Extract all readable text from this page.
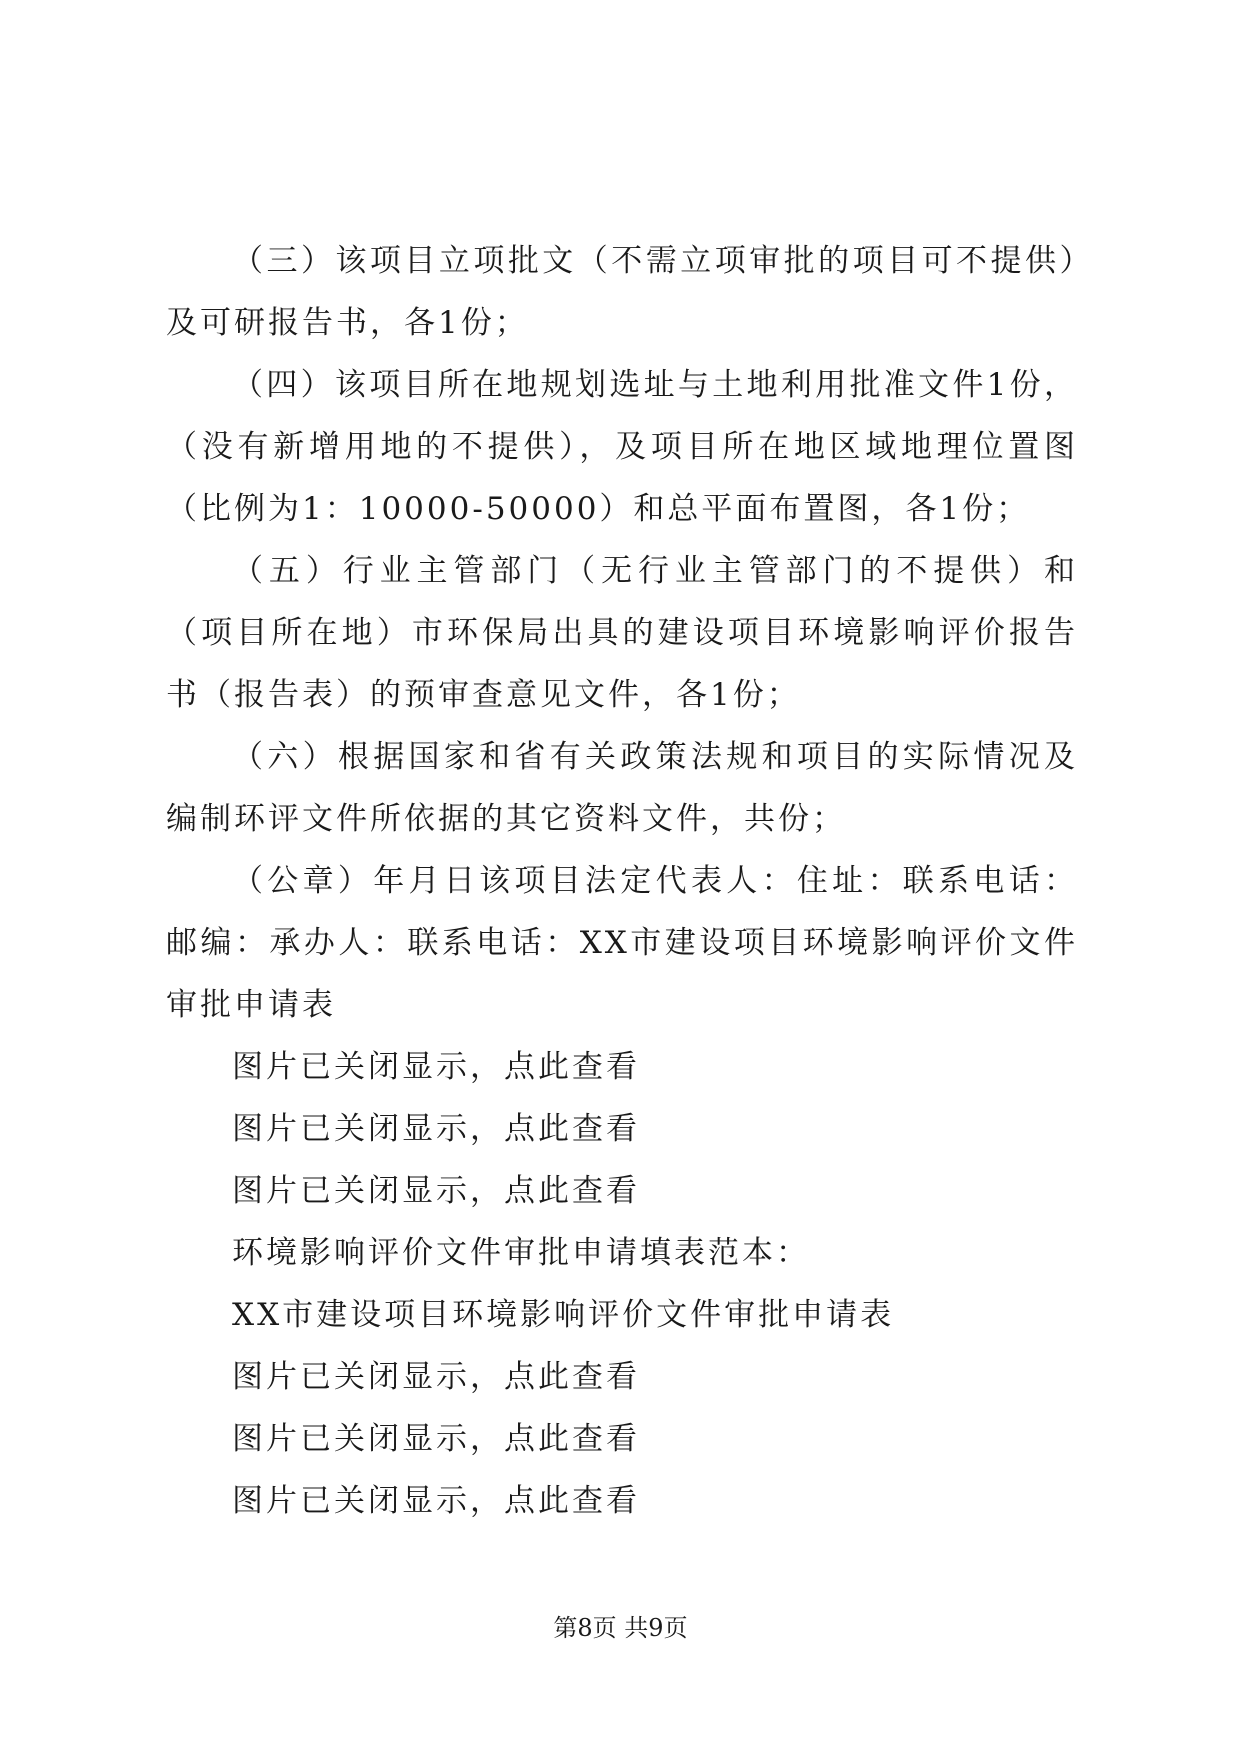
（三）该项目立项批文（不需立项审批的项目可不提供）及可研报告书，各1份；

（四）该项目所在地规划选址与土地利用批准文件1份，（没有新增用地的不提供），及项目所在地区域地理位置图（比例为1：10000-50000）和总平面布置图，各1份；

（五）行业主管部门（无行业主管部门的不提供）和（项目所在地）市环保局出具的建设项目环境影响评价报告书（报告表）的预审查意见文件，各1份；

（六）根据国家和省有关政策法规和项目的实际情况及编制环评文件所依据的其它资料文件，共份；

（公章）年月日该项目法定代表人：住址：联系电话：邮编：承办人：联系电话：XX市建设项目环境影响评价文件审批申请表

图片已关闭显示，点此查看

图片已关闭显示，点此查看

图片已关闭显示，点此查看

环境影响评价文件审批申请填表范本：

XX市建设项目环境影响评价文件审批申请表

图片已关闭显示，点此查看

图片已关闭显示，点此查看

图片已关闭显示，点此查看

第8页 共9页
